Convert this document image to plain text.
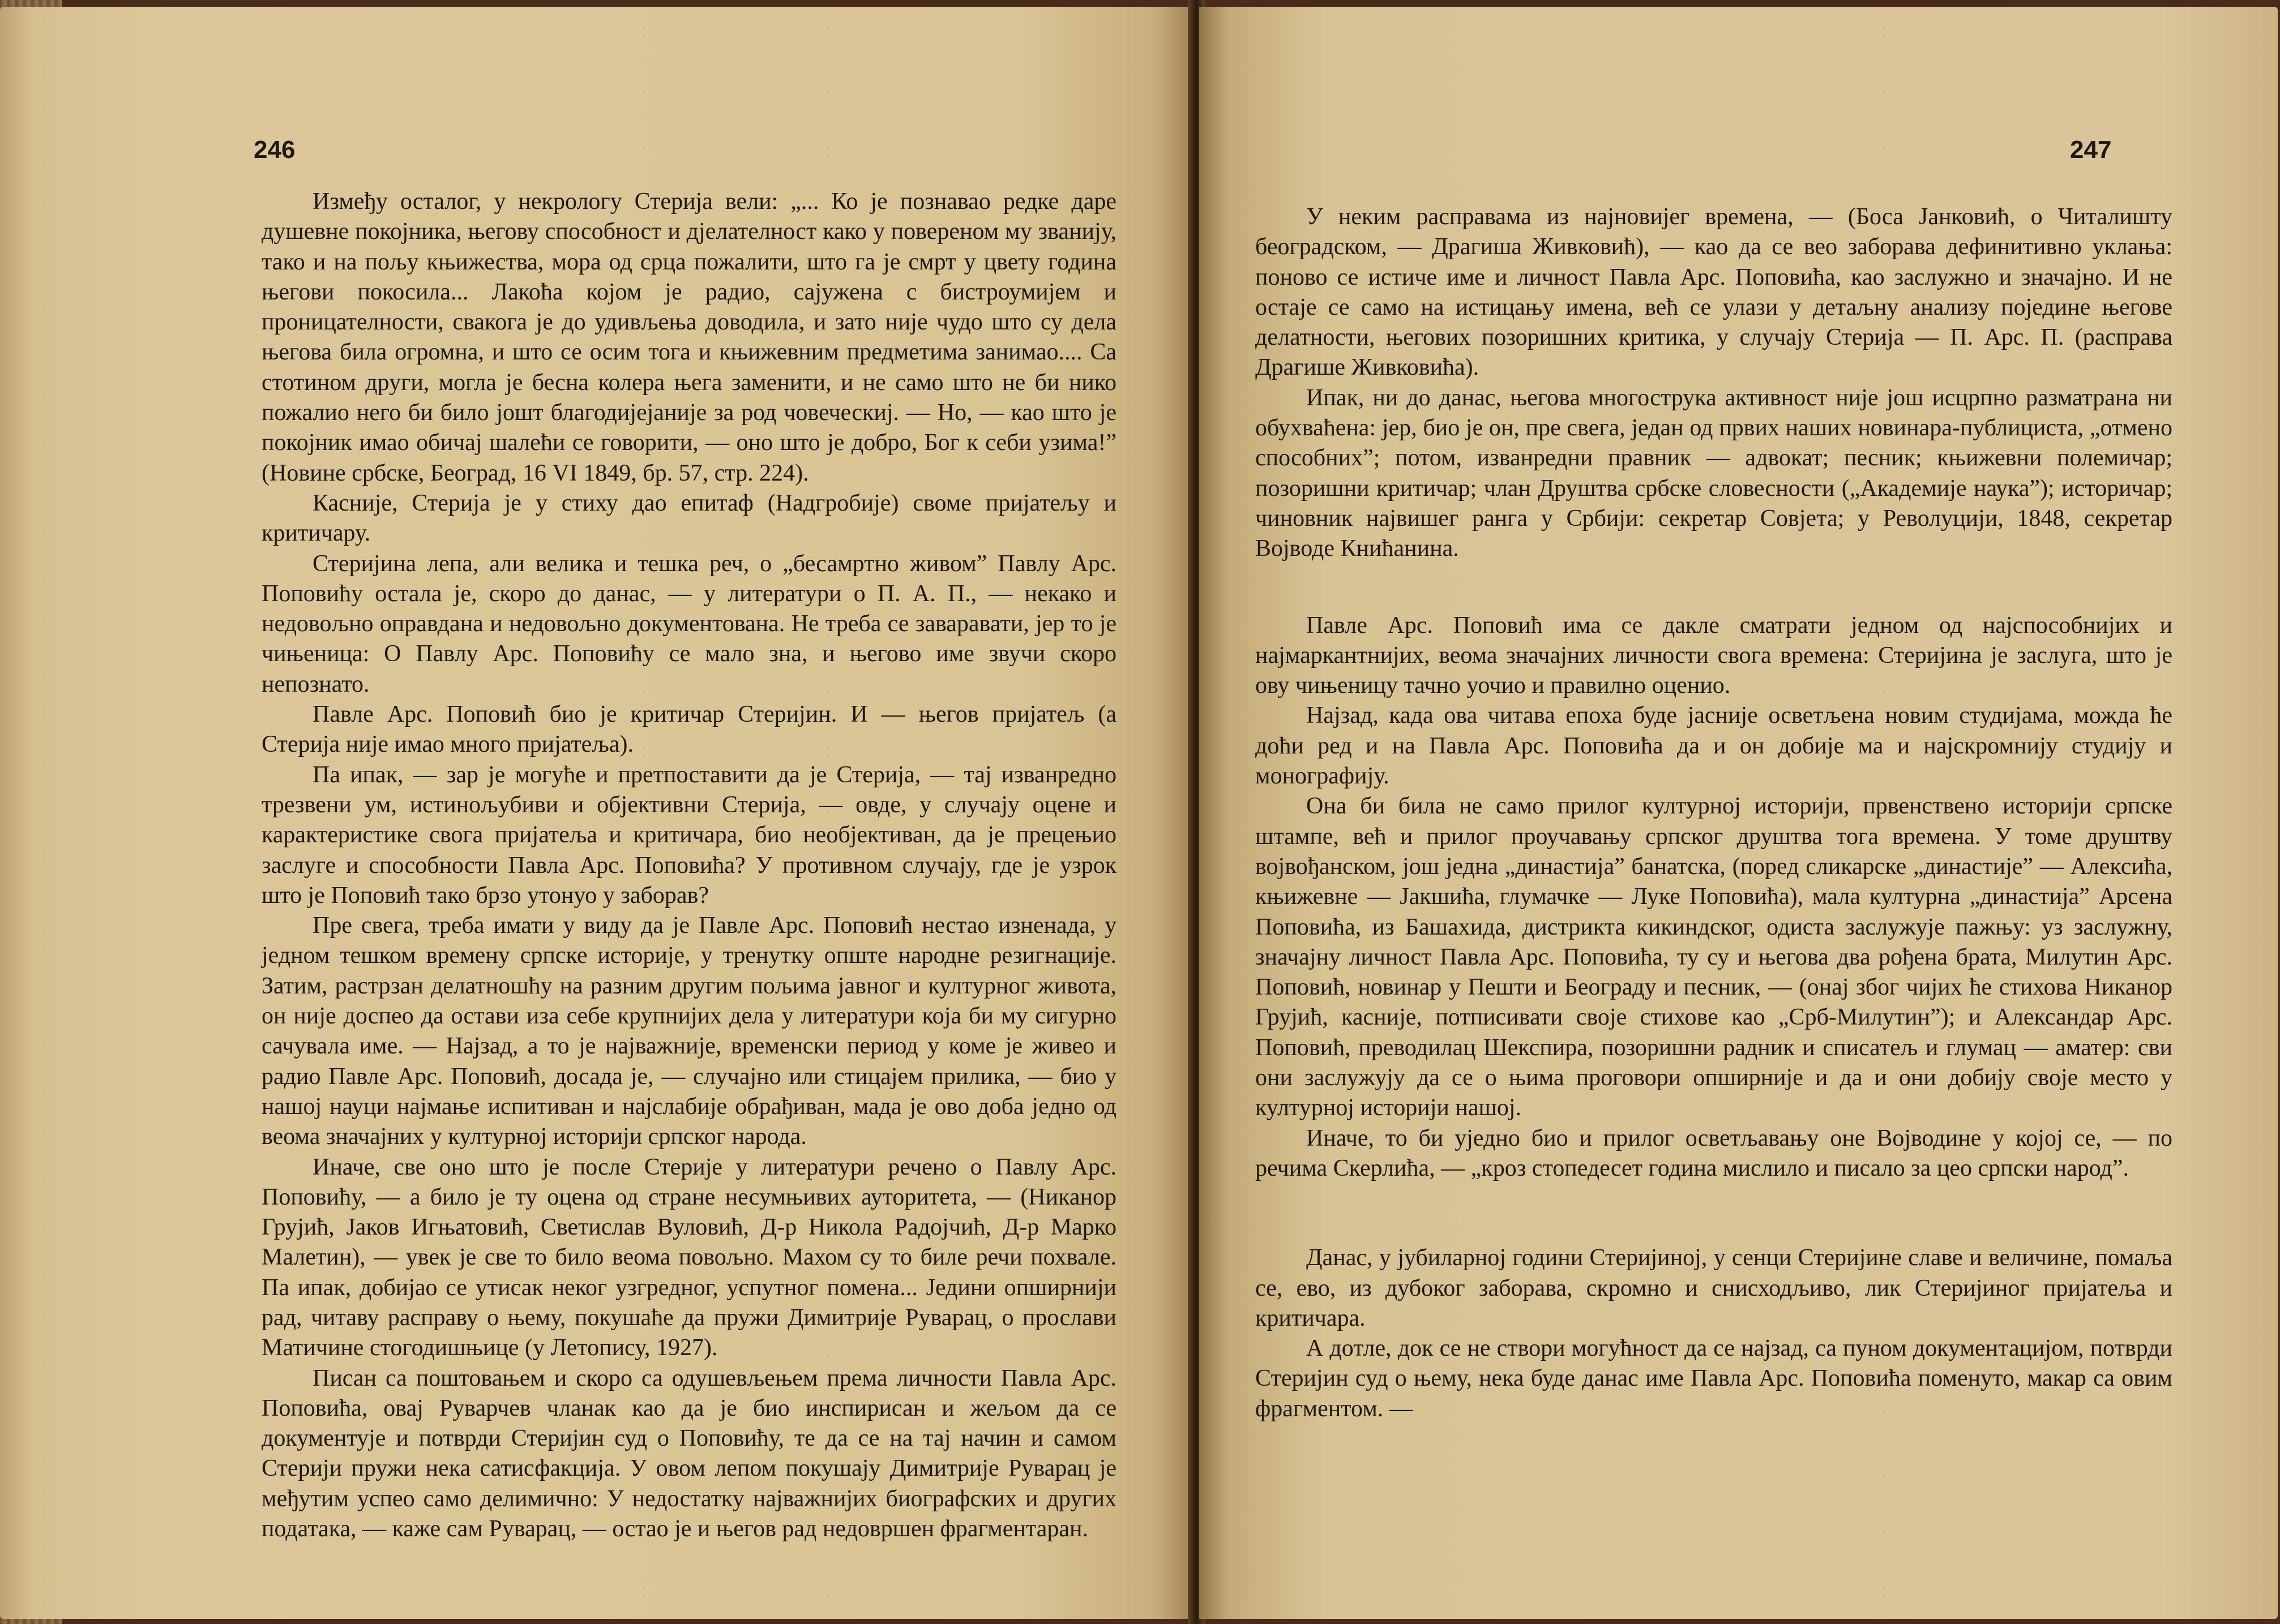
246

Између осталог, у некрологу Стерија вели: „... Ко је познавао редке даре душевне покојника, његову способност и дјелателност како у повереном му званију, тако и на пољу књижества, мора од срца пожалити, што га је смрт у цвету година његови покосила... Лакоћа којом је радио, сајужена с бистроумијем и проницателности, свакога је до удивљења доводила, и зато није чудо што су дела његова била огромна, и што се осим тога и књижевним предметима занимао.... Са стотином други, могла је бесна колера њега заменити, и не само што не би нико пожалио него би било јошт благодијејаније за род човеческиј. — Но, — као што је покојник имао обичај шалећи се говорити, — оно што је добро, Бог к себи узима!” (Новине србске, Београд, 16 VI 1849, бр. 57, стр. 224).

Касније, Стерија је у стиху дао епитаф (Надгробије) своме пријатељу и критичару.

Стеријина лепа, али велика и тешка реч, о „бесамртно живом” Павлу Арс. Поповићу остала је, скоро до данас, — у литератури о П. А. П., — некако и недовољно оправдана и недовољно документована. Не треба се заваравати, јер то је чињеница: О Павлу Арс. Поповићу се мало зна, и његово име звучи скоро непознато.

Павле Арс. Поповић био је критичар Стеријин. И — његов пријатељ (а Стерија није имао много пријатеља).

Па ипак, — зар је могуће и претпоставити да је Стерија, — тај изванредно трезвени ум, истинољубиви и објективни Стерија, — овде, у случају оцене и карактеристике свога пријатеља и критичара, био необјективан, да је прецењио заслуге и способности Павла Арс. Поповића? У противном случају, где је узрок што је Поповић тако брзо утонуо у заборав?

Пре свега, треба имати у виду да је Павле Арс. Поповић нестао изненада, у једном тешком времену српске историје, у тренутку опште народне резигнације. Затим, растрзан делатношћу на разним другим пољима јавног и културног живота, он није доспео да остави иза себе крупнијих дела у литератури која би му сигурно сачувала име. — Најзад, а то је најважније, временски период у коме је живео и радио Павле Арс. Поповић, досада је, — случајно или стицајем прилика, — био у нашој науци најмање испитиван и најслабије обрађиван, мада је ово доба једно од веома значајних у културној историји српског народа.

Иначе, све оно што је после Стерије у литератури речено о Павлу Арс. Поповићу, — а било је ту оцена од стране несумњивих ауторитета, — (Никанор Грујић, Јаков Игњатовић, Светислав Вуловић, Д-р Никола Радојчић, Д-р Марко Малетин), — увек је све то било веома повољно. Махом су то биле речи похвале. Па ипак, добијао се утисак неког узгредног, успутног помена... Једини опширнији рад, читаву расправу о њему, покушаће да пружи Димитрије Руварац, о прослави Матичине стогодишњице (у Летопису, 1927).

Писан са поштовањем и скоро са одушевљењем према личности Павла Арс. Поповића, овај Руварчев чланак као да је био инспирисан и жељом да се документује и потврди Стеријин суд о Поповићу, те да се на тај начин и самом Стерији пружи нека сатисфакција. У овом лепом покушају Димитрије Руварац је међутим успео само делимично: У недостатку најважнијих биографских и других података, — каже сам Руварац, — остао је и његов рад недовршен фрагментаран.

247

У неким расправама из најновијег времена, — (Боса Јанковић, о Читалишту београдском, — Драгиша Живковић), — као да се вео заборава дефинитивно уклања: поново се истиче име и личност Павла Арс. Поповића, као заслужно и значајно. И не остаје се само на истицању имена, већ се улази у детаљну анализу поједине његове делатности, његових позоришних критика, у случају Стерија — П. Арс. П. (расправа Драгише Живковића).

Ипак, ни до данас, његова многострука активност није још исцрпно разматрана ни обухваћена: јер, био је он, пре свега, један од првих наших новинара-публициста, „отмено способних”; потом, изванредни правник — адвокат; песник; књижевни полемичар; позоришни критичар; члан Друштва србске словесности („Академије наука”); историчар; чиновник највишег ранга у Србији: секретар Совјета; у Револуцији, 1848, секретар Војводе Книћанина.

Павле Арс. Поповић има се дакле сматрати једном од најспособнијих и најмаркантнијих, веома значајних личности свога времена: Стеријина је заслуга, што је ову чињеницу тачно уочио и правилно оценио.

Најзад, када ова читава епоха буде јасније осветљена новим студијама, можда ће доћи ред и на Павла Арс. Поповића да и он добије ма и најскромнију студију и монографију.

Она би била не само прилог културној историји, првенствено историји српске штампе, већ и прилог проучавању српског друштва тога времена. У томе друштву војвођанском, још једна „династија” банатска, (поред сликарске „династије” — Алексића, књижевне — Јакшића, глумачке — Луке Поповића), мала културна „династија” Арсена Поповића, из Башахида, дистрикта кикиндског, одиста заслужује пажњу: уз заслужну, значајну личност Павла Арс. Поповића, ту су и његова два рођена брата, Милутин Арс. Поповић, новинар у Пешти и Београду и песник, — (онај због чијих ће стихова Никанор Грујић, касније, потписивати своје стихове као „Срб-Милутин”); и Александар Арс. Поповић, преводилац Шекспира, позоришни радник и списатељ и глумац — аматер: сви они заслужују да се о њима проговори опширније и да и они добију своје место у културној историји нашој.

Иначе, то би уједно био и прилог осветљавању оне Војводине у којој се, — по речима Скерлића, — „кроз стопедесет година мислило и писало за цео српски народ”.

Данас, у јубиларној години Стеријиној, у сенци Стеријине славе и величине, помаља се, ево, из дубоког заборава, скромно и снисходљиво, лик Стеријиног пријатеља и критичара.

А дотле, док се не створи могућност да се најзад, са пуном документацијом, потврди Стеријин суд о њему, нека буде данас име Павла Арс. Поповића поменуто, макар са овим фрагментом. —
